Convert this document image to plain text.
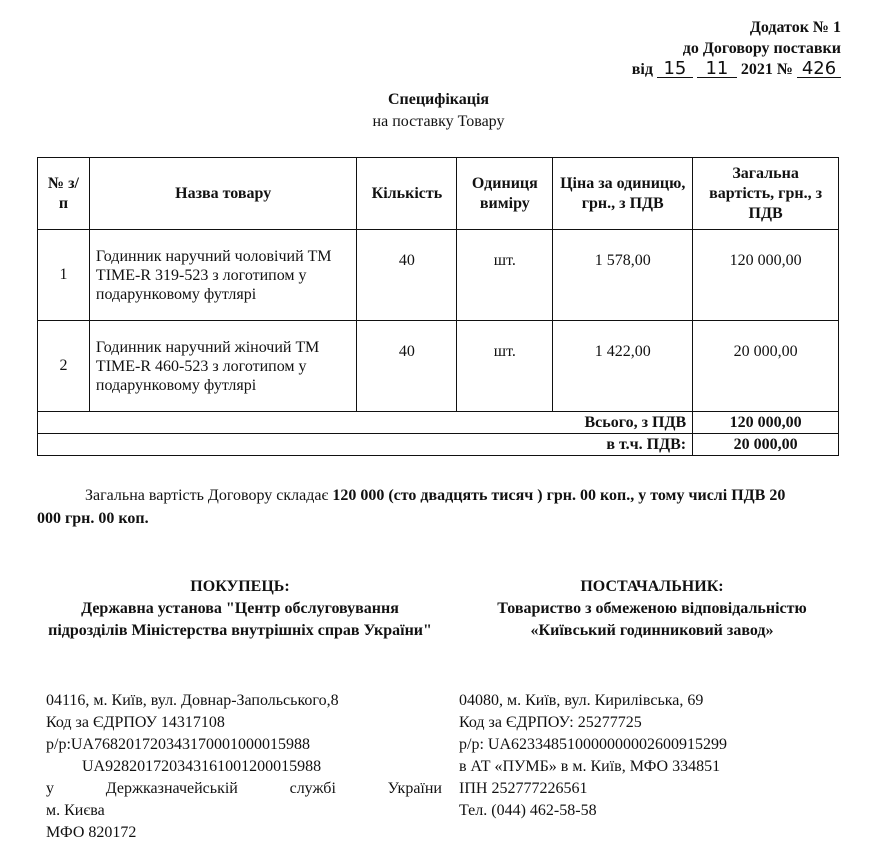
Додаток № 1
до Договору поставки
від 15 11 2021 № 426
Специфікація
на поставку Товару
№ з/п	Назва товару	Кількість	Одиниця виміру	Ціна за одиницю, грн., з ПДВ	Загальна вартість, грн., з ПДВ
1	Годинник наручний чоловічий ТМ TIME-R 319-523 з логотипом у подарунковому футлярі	40	шт.	1 578,00	120 000,00
2	Годинник наручний жіночий ТМ TIME-R 460-523 з логотипом у подарунковому футлярі	40	шт.	1 422,00	20 000,00
Всього, з ПДВ					120 000,00
в т.ч. ПДВ:					20 000,00
Загальна вартість Договору складає 120 000 (сто двадцять тисяч ) грн. 00 коп., у тому числі ПДВ 20 000 грн. 00 коп.
ПОКУПЕЦЬ:
Державна установа "Центр обслуговування підрозділів Міністерства внутрішніх справ України"
04116, м. Київ, вул. Довнар-Запольського,8
Код за ЄДРПОУ 14317108
р/р:UA768201720343170001000015988
UA928201720343161001200015988
у Держказначейській службі України
м. Києва
МФО 820172
ПОСТАЧАЛЬНИК:
Товариство з обмеженою відповідальністю «Київський годинниковий завод»
04080, м. Київ, вул. Кирилівська, 69
Код за ЄДРПОУ: 25277725
р/р: UA623348510000000002600915299
в АТ «ПУМБ» в м. Київ, МФО 334851
ІПН 252777226561
Тел. (044) 462-58-58
